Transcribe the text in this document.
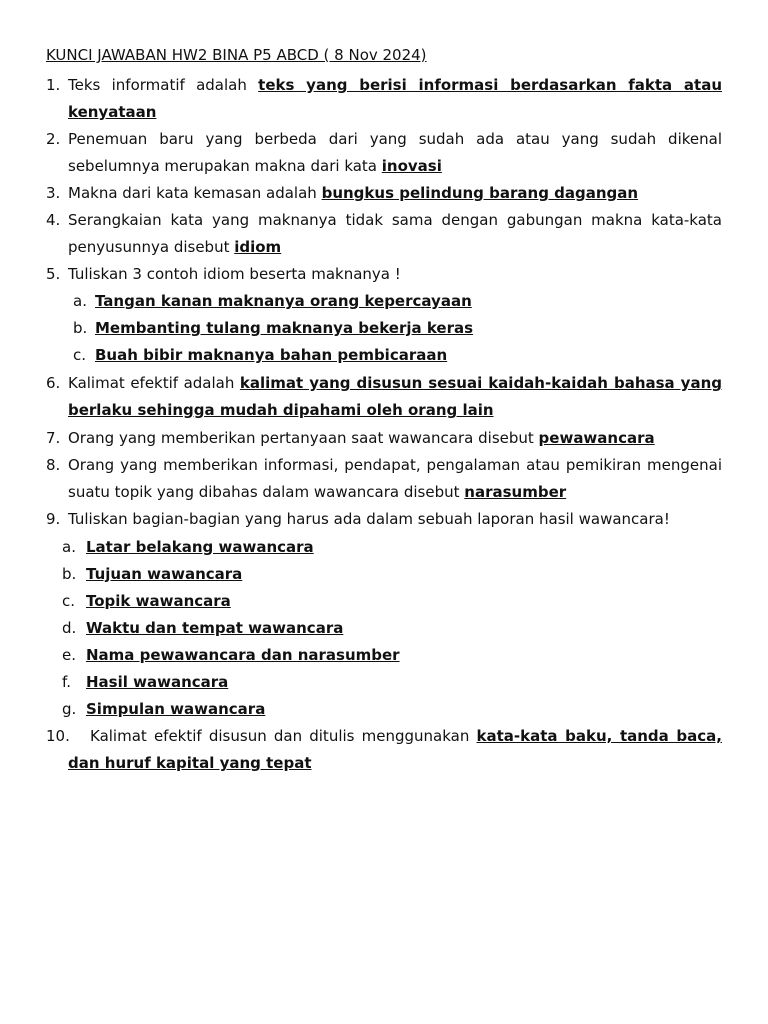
KUNCI JAWABAN HW2 BINA P5 ABCD ( 8 Nov 2024)
1. Teks informatif adalah teks yang berisi informasi berdasarkan fakta atau kenyataan
2. Penemuan baru yang berbeda dari yang sudah ada atau yang sudah dikenal sebelumnya merupakan makna dari kata inovasi
3. Makna dari kata kemasan adalah bungkus pelindung barang dagangan
4. Serangkaian kata yang maknanya tidak sama dengan gabungan makna kata-kata penyusunnya disebut idiom
5. Tuliskan 3 contoh idiom beserta maknanya !
a. Tangan kanan maknanya orang kepercayaan
b. Membanting tulang maknanya bekerja keras
c. Buah bibir maknanya bahan pembicaraan
6. Kalimat efektif adalah kalimat yang disusun sesuai kaidah-kaidah bahasa yang berlaku sehingga mudah dipahami oleh orang lain
7. Orang yang memberikan pertanyaan saat wawancara disebut pewawancara
8. Orang yang memberikan informasi, pendapat, pengalaman atau pemikiran mengenai suatu topik yang dibahas dalam wawancara disebut narasumber
9. Tuliskan bagian-bagian yang harus ada dalam sebuah laporan hasil wawancara!
a. Latar belakang wawancara
b. Tujuan wawancara
c. Topik wawancara
d. Waktu dan tempat wawancara
e. Nama pewawancara dan narasumber
f. Hasil wawancara
g. Simpulan wawancara
10.	Kalimat efektif disusun dan ditulis menggunakan kata-kata baku, tanda baca, dan huruf kapital yang tepat
